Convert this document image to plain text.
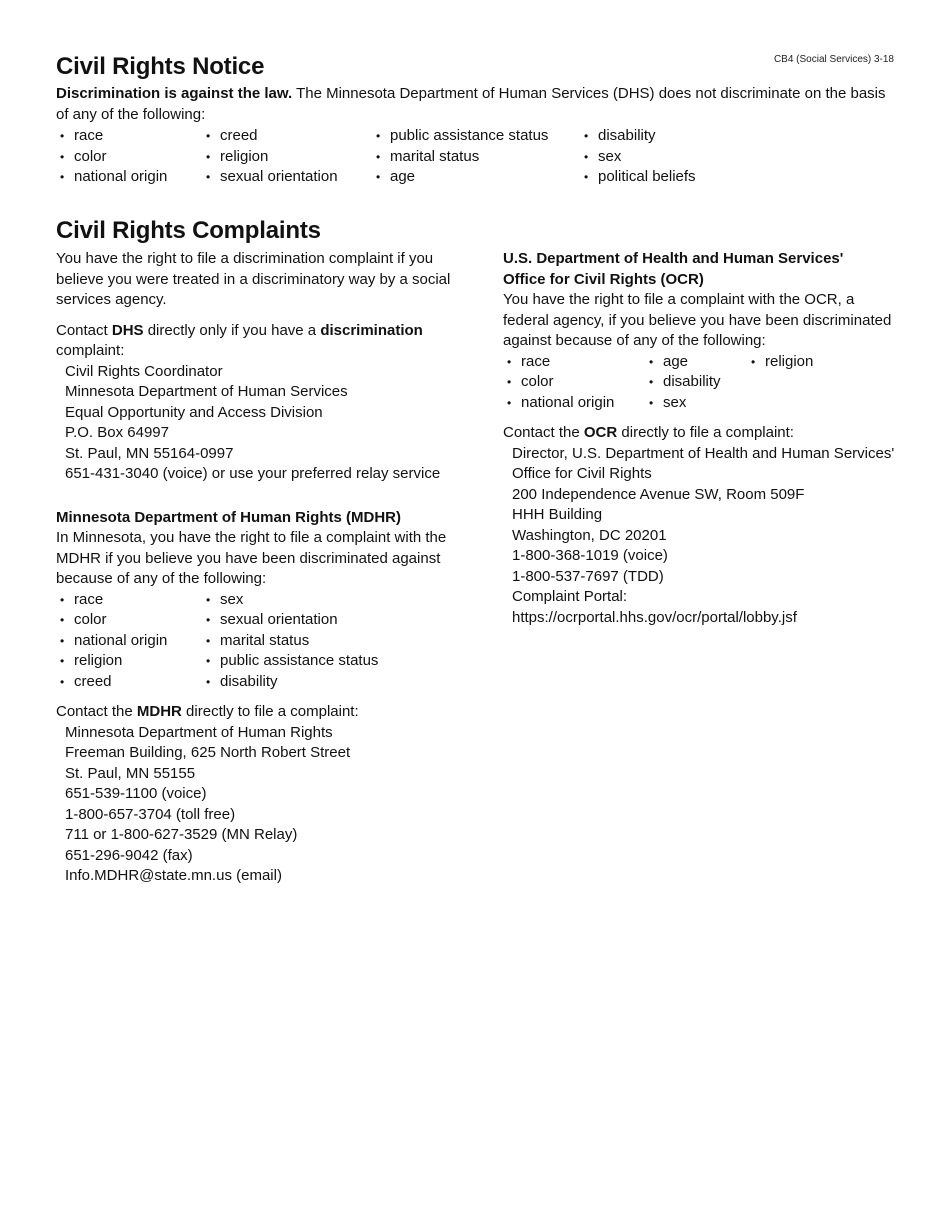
CB4 (Social Services) 3-18
Civil Rights Notice

Discrimination is against the law. The Minnesota Department of Human Services (DHS) does not discriminate on the basis of any of the following:

• race	• creed	• public assistance status	• disability
• color	• religion	• marital status	• sex
• national origin	• sexual orientation	• age	• political beliefs
Civil Rights Complaints

You have the right to file a discrimination complaint if you believe you were treated in a discriminatory way by a social services agency.

Contact DHS directly only if you have a discrimination complaint:

Civil Rights Coordinator
Minnesota Department of Human Services
Equal Opportunity and Access Division
P.O. Box 64997
St. Paul, MN 55164-0997
651-431-3040 (voice) or use your preferred relay service

Minnesota Department of Human Rights (MDHR)

In Minnesota, you have the right to file a complaint with the MDHR if you believe you have been discriminated against because of any of the following:

• race	• sex
• color	• sexual orientation
• national origin	• marital status
• religion	• public assistance status
• creed	• disability

Contact the MDHR directly to file a complaint:

Minnesota Department of Human Rights
Freeman Building, 625 North Robert Street
St. Paul, MN 55155
651-539-1100 (voice)
1-800-657-3704 (toll free)
711 or 1-800-627-3529 (MN Relay)
651-296-9042 (fax)
Info.MDHR@state.mn.us (email)

U.S. Department of Health and Human Services'

Office for Civil Rights (OCR)

You have the right to file a complaint with the OCR, a federal agency, if you believe you have been discriminated against because of any of the following:

• race	• age	• religion
• color	• disability
• national origin	• sex

Contact the OCR directly to file a complaint:

Director, U.S. Department of Health and Human Services' Office for Civil Rights
200 Independence Avenue SW, Room 509F
HHH Building
Washington, DC 20201
1-800-368-1019 (voice)
1-800-537-7697 (TDD)
Complaint Portal:
https://ocrportal.hhs.gov/ocr/portal/lobby.jsf
